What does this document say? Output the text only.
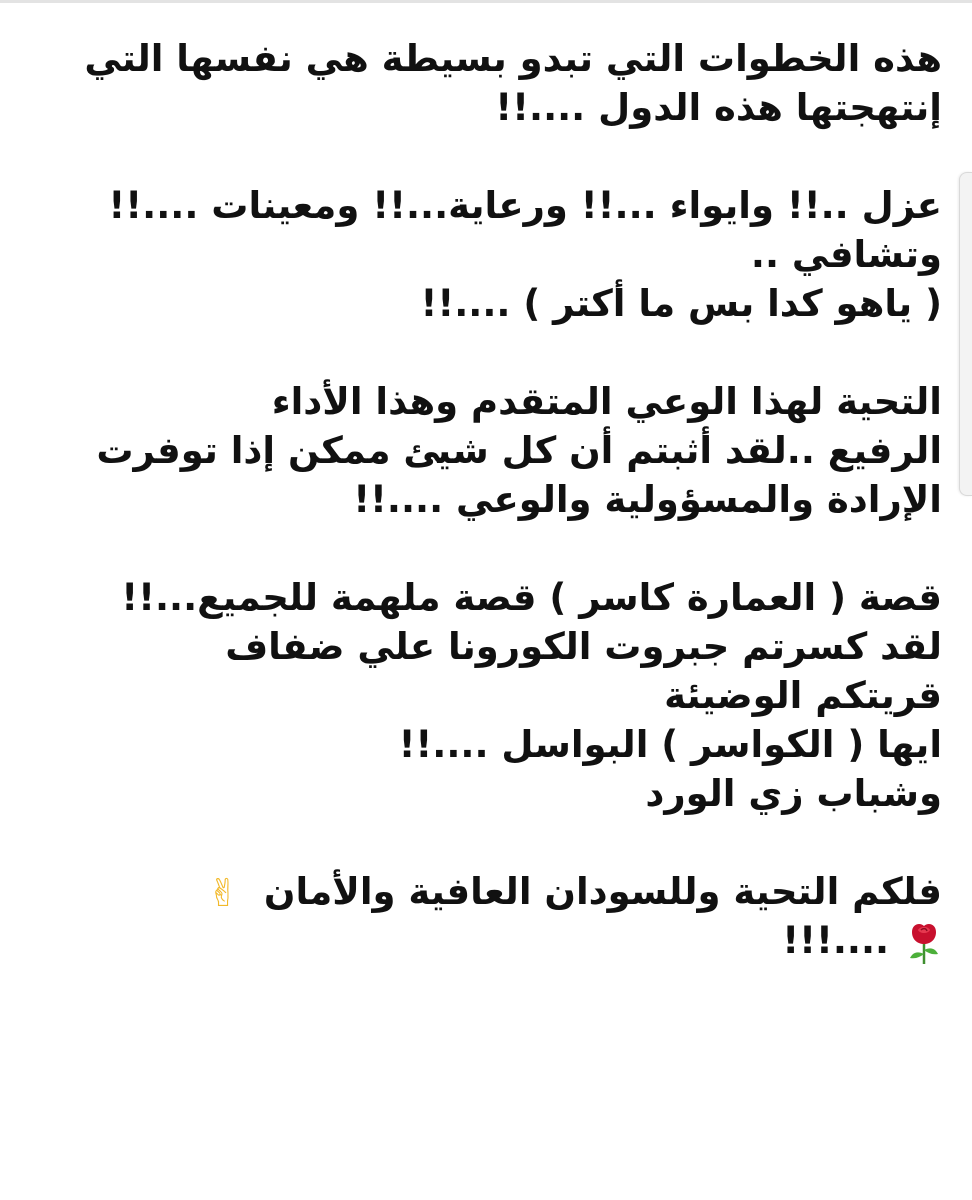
هذه الخطوات التي تبدو بسيطة هي نفسها التي
إنتهجتها هذه الدول ....!!
عزل ..!! وايواء ...!! ورعاية...!! ومعينات ....!!
وتشافي ..
( ياهو كدا بس ما أكتر ) ....!!
التحية لهذا الوعي المتقدم وهذا الأداء
الرفيع ..لقد أثبتم أن كل شيئ ممكن إذا توفرت
الإرادة والمسؤولية والوعي ....!!
قصة ( العمارة كاسر ) قصة ملهمة للجميع...!!
لقد كسرتم جبروت الكورونا علي ضفاف
قريتكم الوضيئة
ايها ( الكواسر ) البواسل ....!!
وشباب زي الورد
فلكم التحية وللسودان العافية والأمان ✌
....!!!
